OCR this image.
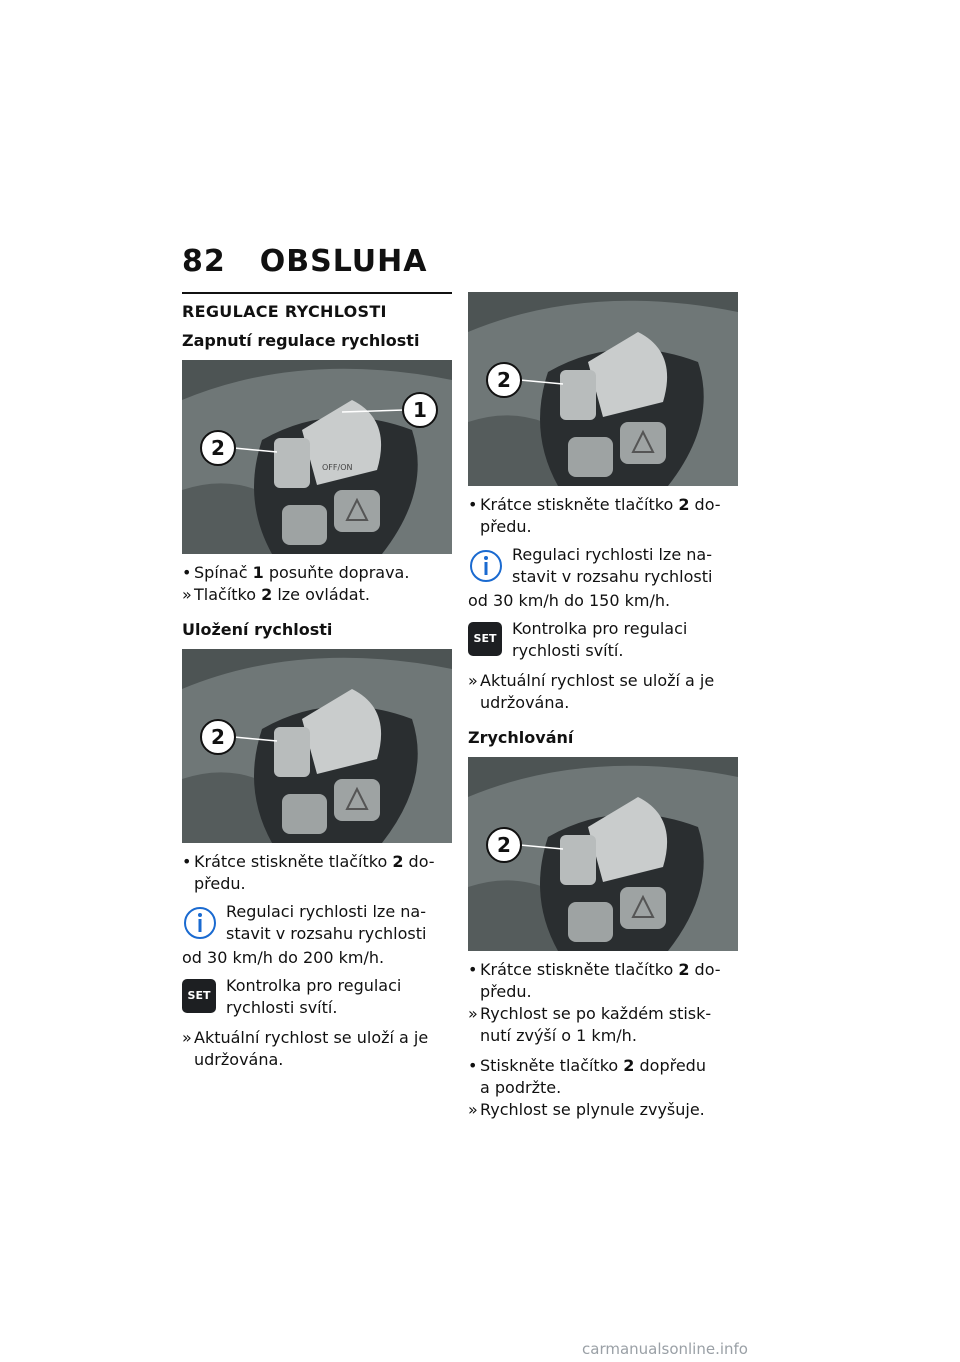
82 OBSLUHA
REGULACE RYCHLOSTI
Zapnutí regulace rychlosti
OFF/ON
2
1
• Spínač 1 posuňte doprava.
» Tlačítko 2 lze ovládat.
Uložení rychlosti
2
• Krátce stiskněte tlačítko 2 do-
předu.
Regulaci rychlosti lze na-
stavit v rozsahu rychlosti
od 30 km/h do 200 km/h.
SET
Kontrolka pro regulaci
rychlosti svítí.
» Aktuální rychlost se uloží a je
udržována.
2
• Krátce stiskněte tlačítko 2 do-
předu.
Regulaci rychlosti lze na-
stavit v rozsahu rychlosti
od 30 km/h do 150 km/h.
SET
Kontrolka pro regulaci
rychlosti svítí.
» Aktuální rychlost se uloží a je
udržována.
Zrychlování
2
• Krátce stiskněte tlačítko 2 do-
předu.
» Rychlost se po každém stisk-
nutí zvýší o 1 km/h.
• Stiskněte tlačítko 2 dopředu
a podržte.
» Rychlost se plynule zvyšuje.
carmanualsonline.info
